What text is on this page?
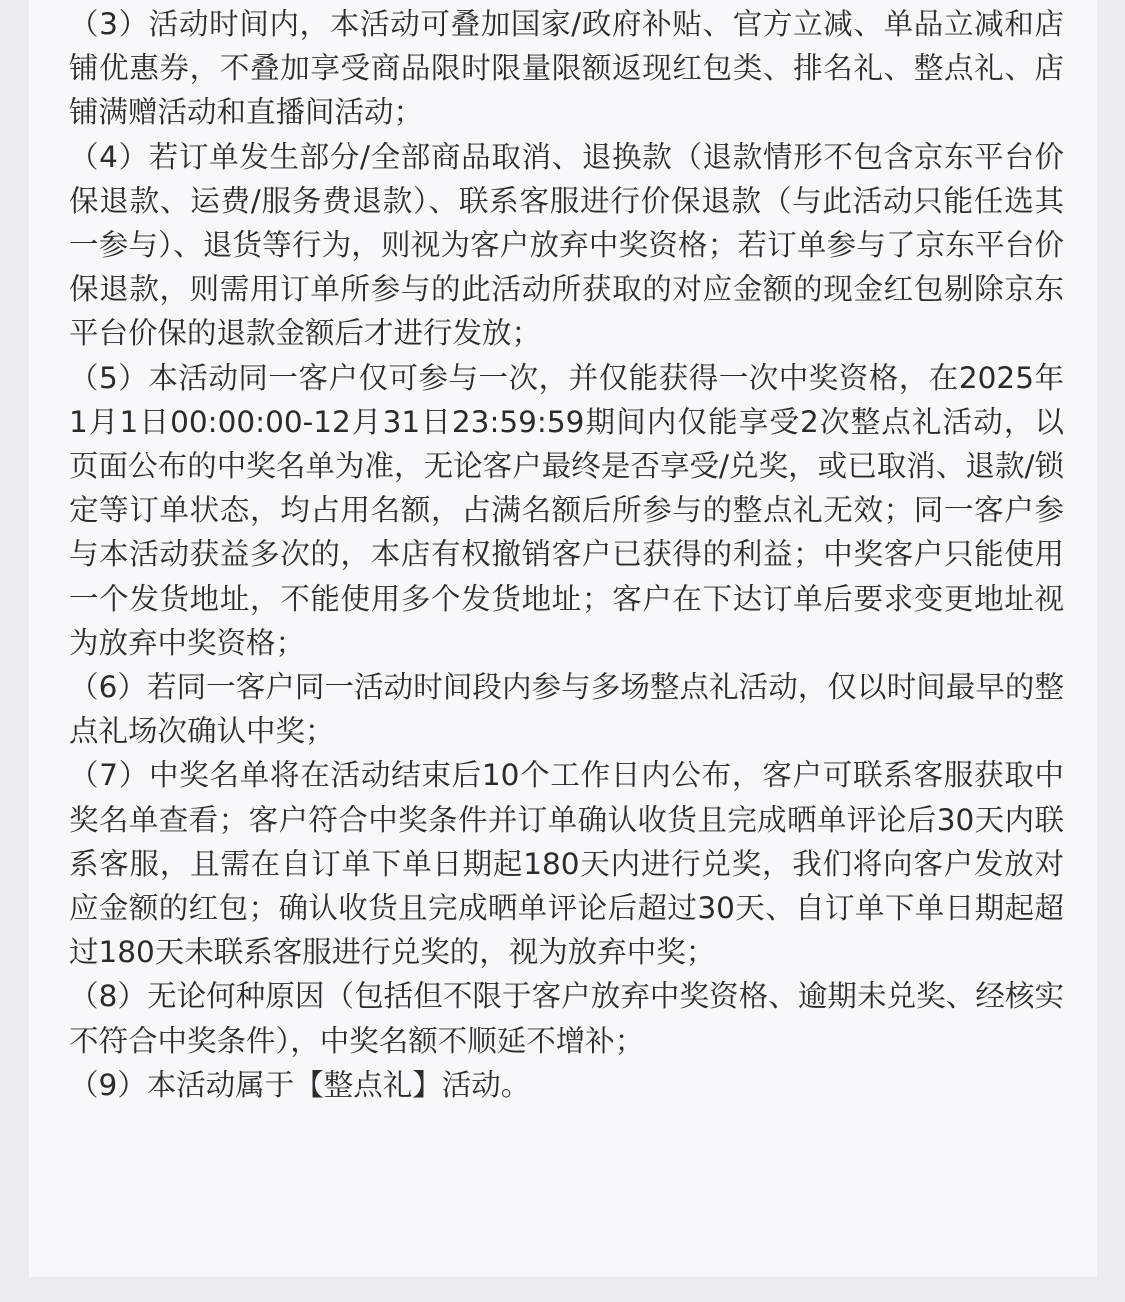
（3）活动时间内，本活动可叠加国家/政府补贴、官方立减、单品立减和店铺优惠券，不叠加享受商品限时限量限额返现红包类、排名礼、整点礼、店铺满赠活动和直播间活动；

（4）若订单发生部分/全部商品取消、退换款（退款情形不包含京东平台价保退款、运费/服务费退款）、联系客服进行价保退款（与此活动只能任选其一参与）、退货等行为，则视为客户放弃中奖资格；若订单参与了京东平台价保退款，则需用订单所参与的此活动所获取的对应金额的现金红包剔除京东平台价保的退款金额后才进行发放；

（5）本活动同一客户仅可参与一次，并仅能获得一次中奖资格，在2025年1月1日00:00:00-12月31日23:59:59期间内仅能享受2次整点礼活动，以页面公布的中奖名单为准，无论客户最终是否享受/兑奖，或已取消、退款/锁定等订单状态，均占用名额，占满名额后所参与的整点礼无效；同一客户参与本活动获益多次的，本店有权撤销客户已获得的利益；中奖客户只能使用一个发货地址，不能使用多个发货地址；客户在下达订单后要求变更地址视为放弃中奖资格；

（6）若同一客户同一活动时间段内参与多场整点礼活动，仅以时间最早的整点礼场次确认中奖；

（7）中奖名单将在活动结束后10个工作日内公布，客户可联系客服获取中奖名单查看；客户符合中奖条件并订单确认收货且完成晒单评论后30天内联系客服，且需在自订单下单日期起180天内进行兑奖，我们将向客户发放对应金额的红包；确认收货且完成晒单评论后超过30天、自订单下单日期起超过180天未联系客服进行兑奖的，视为放弃中奖；

（8）无论何种原因（包括但不限于客户放弃中奖资格、逾期未兑奖、经核实不符合中奖条件），中奖名额不顺延不增补；

（9）本活动属于【整点礼】活动。
